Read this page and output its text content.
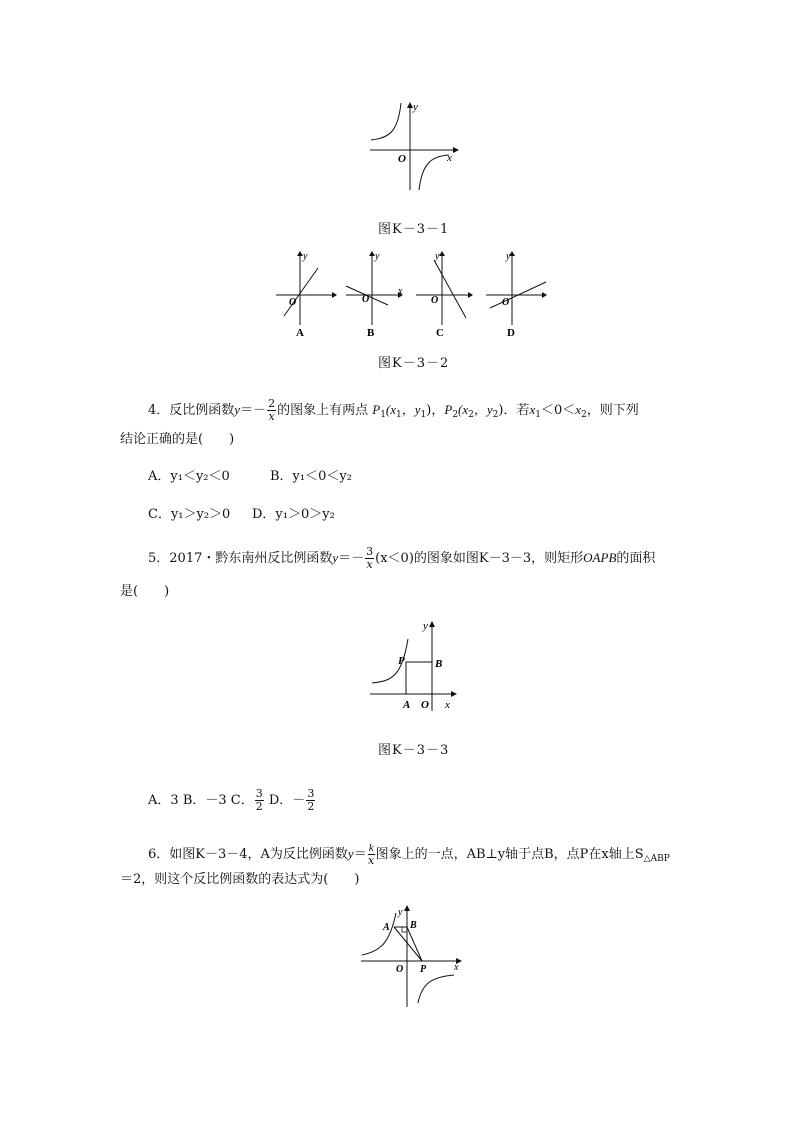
y
x
O
图K－3－1
y
O
y
x
O
y
O
y
O
A	B	C	D
图K－3－2
4．反比例函数$y=- \frac{2}{x}$ 的图象上有两点 $P_1(x_1$，$y_1$)，$P_2(x_2$，$y_2$)．若$x_1<0<x_2$，则下列
结论正确的是(　　)
A．y₁＜y₂＜0	B．y₁＜0＜y₂
C．y₁＞y₂＞0 D．y₁＞0＞y₂
5．2017・黔东南州反比例函数$y=- \frac{3}{x} (x<0)$的图象如图K－3－3，则矩形OAPB的面积
是(　　)
y
x
O
P	B
A
图K－3－3
A．3 B．－3 C． $\frac{3}{2}$ D．－ $\frac{3}{2}$
6．如图K－3－4，A为反比例函数$y= \frac{k}{x}$ 图象上的一点，AB⊥y轴于点B，点P在x轴上$S_{\triangle ABP}$
＝2，则这个反比例函数的表达式为(　　)
y
x
O
A B
P
